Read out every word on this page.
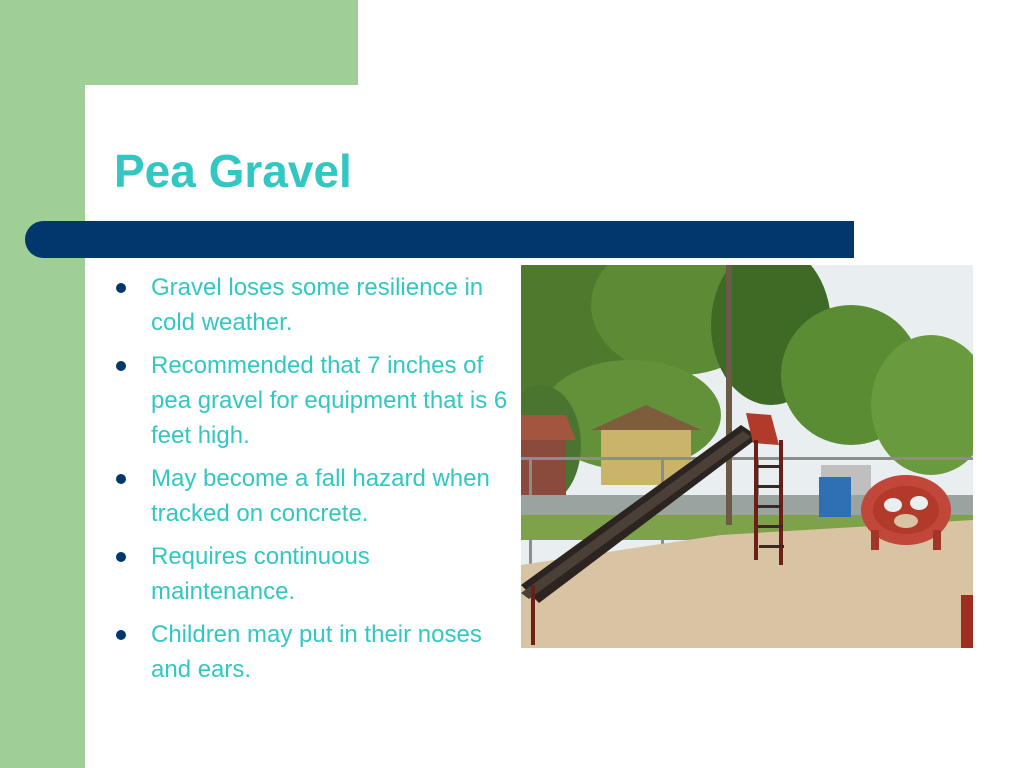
Pea Gravel
Gravel loses some resilience in cold weather.
Recommended that 7 inches of pea gravel for equipment that is 6 feet high.
May become a fall hazard when tracked on concrete.
Requires continuous maintenance.
Children may put in their noses and ears.
